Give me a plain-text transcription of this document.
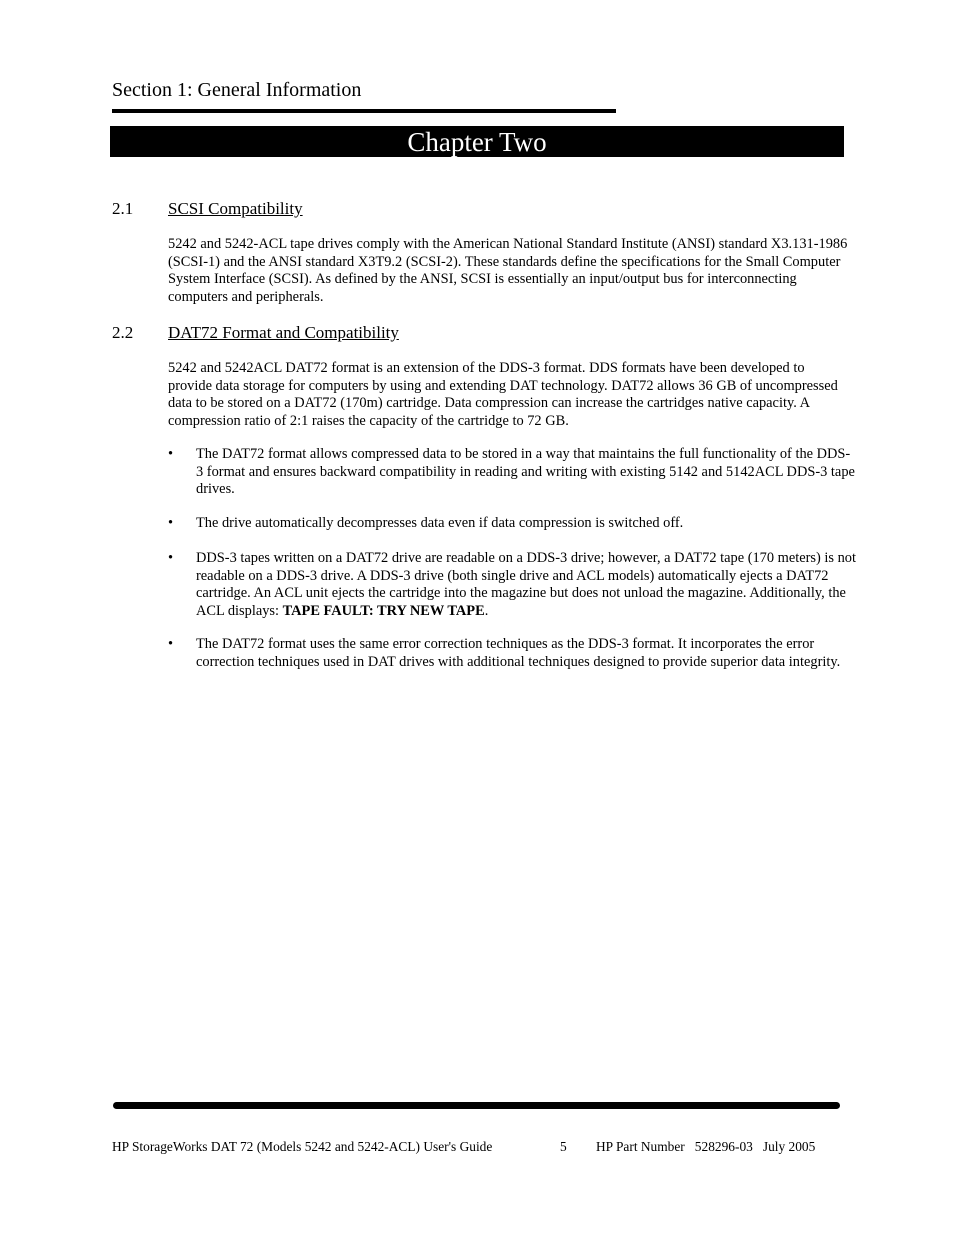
Section 1: General Information
Chapter Two
2.1 SCSI Compatibility

5242 and 5242-ACL tape drives comply with the American National Standard Institute (ANSI) standard X3.131-1986 (SCSI-1) and the ANSI standard X3T9.2 (SCSI-2). These standards define the specifications for the Small Computer System Interface (SCSI). As defined by the ANSI, SCSI is essentially an input/output bus for interconnecting computers and peripherals.

2.2 DAT72 Format and Compatibility

5242 and 5242ACL DAT72 format is an extension of the DDS-3 format. DDS formats have been developed to provide data storage for computers by using and extending DAT technology. DAT72 allows 36 GB of uncompressed data to be stored on a DAT72 (170m) cartridge. Data compression can increase the cartridges native capacity. A compression ratio of 2:1 raises the capacity of the cartridge to 72 GB.

•	The DAT72 format allows compressed data to be stored in a way that maintains the full functionality of the DDS-3 format and ensures backward compatibility in reading and writing with existing 5142 and 5142ACL DDS-3 tape drives.
•	The drive automatically decompresses data even if data compression is switched off.
•	DDS-3 tapes written on a DAT72 drive are readable on a DDS-3 drive; however, a DAT72 tape (170 meters) is not readable on a DDS-3 drive. A DDS-3 drive (both single drive and ACL models) automatically ejects a DAT72 cartridge. An ACL unit ejects the cartridge into the magazine but does not unload the magazine. Additionally, the ACL displays: TAPE FAULT: TRY NEW TAPE.
•	The DAT72 format uses the same error correction techniques as the DDS-3 format. It incorporates the error correction techniques used in DAT drives with additional techniques designed to provide superior data integrity.
HP StorageWorks DAT 72 (Models 5242 and 5242-ACL) User's Guide	5 HP Part Number   528296-03   July 2005
